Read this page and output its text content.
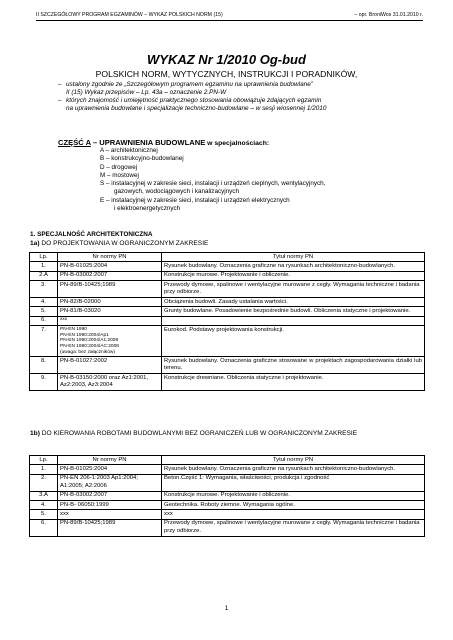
II SZCZEGÓŁOWY PROGRAM EGZAMINÓW – WYKAZ POLSKICH NORM (15)	– opr. BroniWos 31.01.2010 r.
WYKAZ Nr 1/2010 Og-bud
POLSKICH NORM, WYTYCZNYCH, INSTRUKCJI I PORADNIKÓW,
– ustalony zgodnie ze „Szczegółowym programem egzaminu na uprawnienia budowlane”
II (15) Wykaz przepisów – Lp. 43a – oznaczenie 2.PN-W
– których znajomość i umiejętność praktycznego stosowania obowiązuje zdających egzamin
na uprawnienia budowlane i specjalizacje techniczno-budowlane – w sesji wiosennej 1/2010
CZĘŚĆ A – UPRAWNIENIA BUDOWLANE w specjalnościach:
A – architektonicznej
B – konstrukcyjno-budowlanej
D – drogowej
M – mostowej
S – instalacyjnej w zakresie sieci, instalacji i urządzeń cieplnych, wentylacyjnych,
gazowych, wodociągowych i kanalizacyjnych
E – instalacyjnej w zakresie sieci, instalacji i urządzeń elektrycznych
i elektroenergetycznych
1. SPECJALNOŚĆ ARCHITEKTONICZNA
1a) DO PROJEKTOWANIA W OGRANICZONYM ZAKRESIE
Lp.	Nr normy PN	Tytuł normy PN
1.	PN-B-01025:2004	Rysunek budowlany. Oznaczenia graficzne na rysunkach architektoniczno-budowlanych.
2.A	PN-B-03002:2007	Konstrukcje murowe. Projektowanie i obliczenie.
3.	PN-89/B-10425;1989	Przewody dymowe, spalinowe i wentylacyjne murowane z cegły. Wymagania techniczne i badania przy odbiorze.
4.	PN-82/B-02000	Obciążenia budowli. Zasady ustalania wartości.
5.	PN-81/B-03020	Grunty budowlane. Posadowienie bezpośrednie budowli. Obliczenia statyczne i projektowanie.
6.	xxx	
7.	PN-EN 1990
PN-EN 1990:2004/Ap1
PN-EN 1990:2004/A1:2008
PN-EN 1990:2004/AC:2008
(uwaga: bez załączników)	Eurokod. Podstawy projektowania konstrukcji.
8.	PN-B-01027:2002	Rysunek budowlany. Oznaczenia graficzne stosowane w projektach zagospodarowania działki lub terenu.
9.	PN-B-03150:2000 oraz Az1:2001, Az2:2003, Az3:2004	Konstrukcje drewniane. Obliczenia statyczne i projektowanie.
1b) DO KIEROWANIA ROBOTAMI BUDOWLANYMI BEZ OGRANICZEŃ LUB W OGRANICZONYM ZAKRESIE
Lp.	Nr normy PN	Tytuł normy PN
1.	PN-B-01025:2004	Rysunek budowlany. Oznaczenia graficzne na rysunkach architektoniczno-budowlanych.
2.	PN-EN 206-1:2003 Ap1:2004; A1:2005; A2:2006	Beton.Część 1: Wymagania, właściwości, produkcja i zgodność
3.A	PN-B-03002:2007	Konstrukcje murowe. Projektowanie i obliczenie.
4.	PN-B- 06050:1999	Geotechnika. Roboty ziemne. Wymagania ogólne.
5.	xxx	xxx
6.	PN-89/B-10425;1989	Przewody dymowe, spalinowe i wentylacyjne murowane z cegły. Wymagania techniczne i badania przy odbiorze.
1
